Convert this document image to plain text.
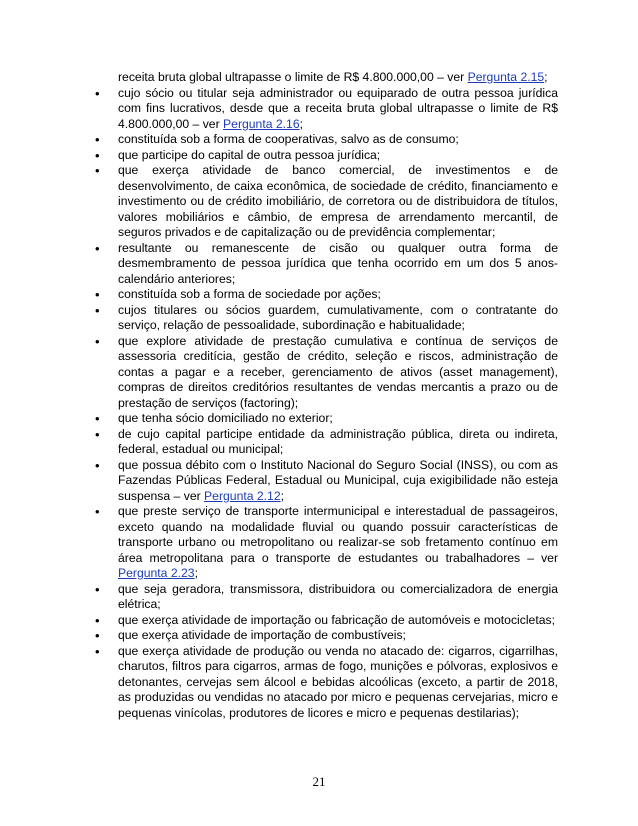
receita bruta global ultrapasse o limite de R$ 4.800.000,00 – ver Pergunta 2.15;
• cujo sócio ou titular seja administrador ou equiparado de outra pessoa jurídica com fins lucrativos, desde que a receita bruta global ultrapasse o limite de R$ 4.800.000,00 – ver Pergunta 2.16;
• constituída sob a forma de cooperativas, salvo as de consumo;
• que participe do capital de outra pessoa jurídica;
• que exerça atividade de banco comercial, de investimentos e de desenvolvimento, de caixa econômica, de sociedade de crédito, financiamento e investimento ou de crédito imobiliário, de corretora ou de distribuidora de títulos, valores mobiliários e câmbio, de empresa de arrendamento mercantil, de seguros privados e de capitalização ou de previdência complementar;
• resultante ou remanescente de cisão ou qualquer outra forma de desmembramento de pessoa jurídica que tenha ocorrido em um dos 5 anos-calendário anteriores;
• constituída sob a forma de sociedade por ações;
• cujos titulares ou sócios guardem, cumulativamente, com o contratante do serviço, relação de pessoalidade, subordinação e habitualidade;
• que explore atividade de prestação cumulativa e contínua de serviços de assessoria creditícia, gestão de crédito, seleção e riscos, administração de contas a pagar e a receber, gerenciamento de ativos (asset management), compras de direitos creditórios resultantes de vendas mercantis a prazo ou de prestação de serviços (factoring);
• que tenha sócio domiciliado no exterior;
• de cujo capital participe entidade da administração pública, direta ou indireta, federal, estadual ou municipal;
• que possua débito com o Instituto Nacional do Seguro Social (INSS), ou com as Fazendas Públicas Federal, Estadual ou Municipal, cuja exigibilidade não esteja suspensa – ver Pergunta 2.12;
• que preste serviço de transporte intermunicipal e interestadual de passageiros, exceto quando na modalidade fluvial ou quando possuir características de transporte urbano ou metropolitano ou realizar-se sob fretamento contínuo em área metropolitana para o transporte de estudantes ou trabalhadores – ver Pergunta 2.23;
• que seja geradora, transmissora, distribuidora ou comercializadora de energia elétrica;
• que exerça atividade de importação ou fabricação de automóveis e motocicletas;
• que exerça atividade de importação de combustíveis;
• que exerça atividade de produção ou venda no atacado de: cigarros, cigarrilhas, charutos, filtros para cigarros, armas de fogo, munições e pólvoras, explosivos e detonantes, cervejas sem álcool e bebidas alcoólicas (exceto, a partir de 2018, as produzidas ou vendidas no atacado por micro e pequenas cervejarias, micro e pequenas vinícolas, produtores de licores e micro e pequenas destilarias);
21
